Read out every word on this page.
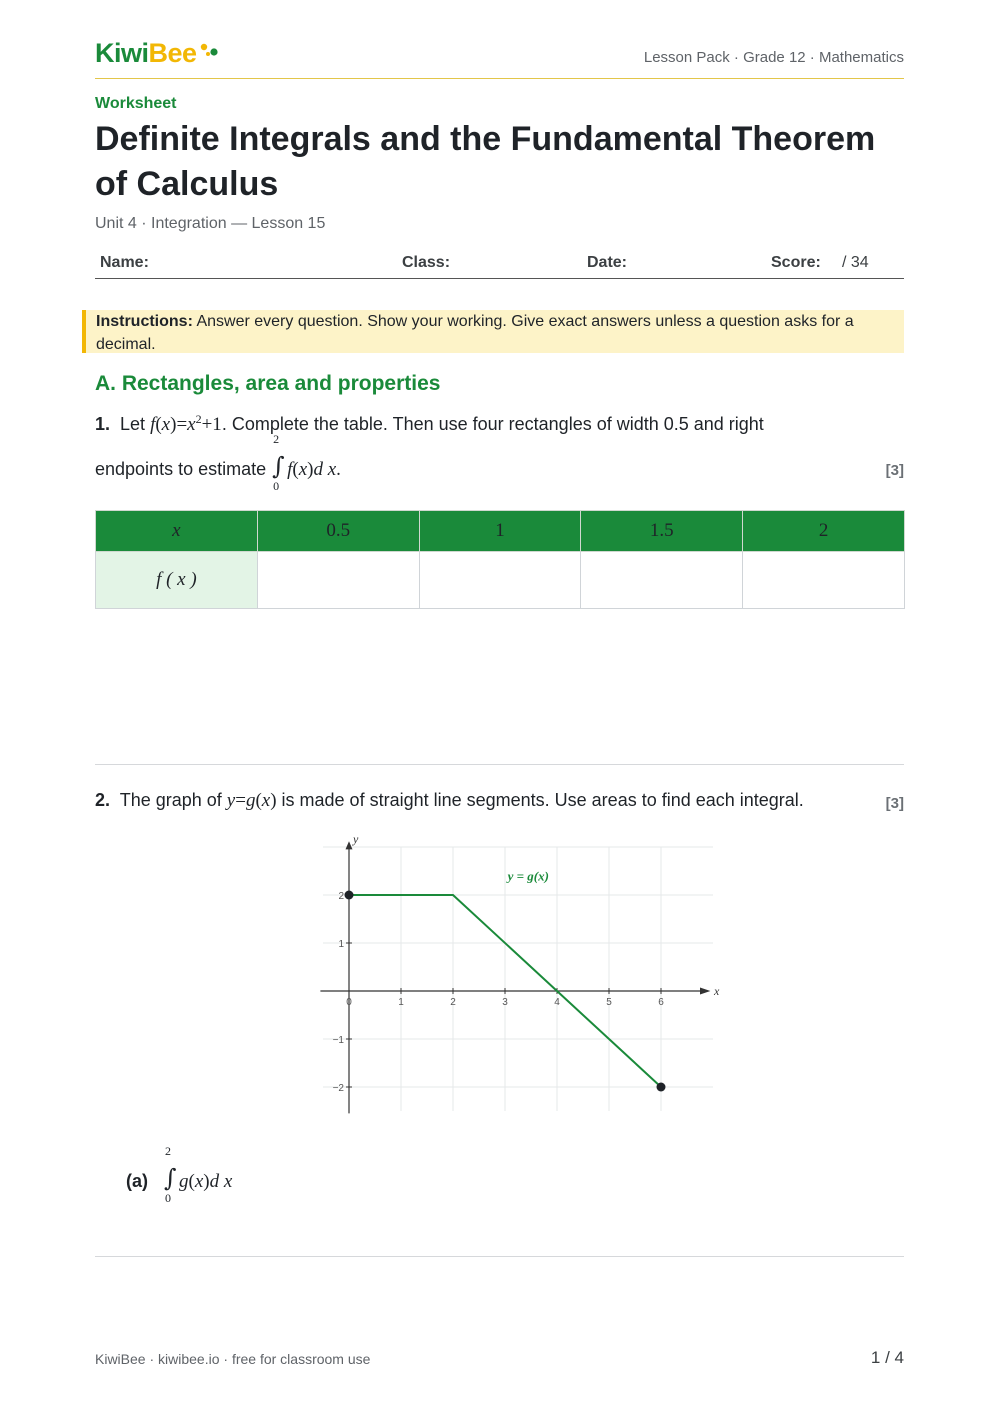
KiwiBee	Lesson Pack · Grade 12 · Mathematics
Worksheet
Definite Integrals and the Fundamental Theorem of Calculus
Unit 4 · Integration — Lesson 15
Name:	Class:	Date:	Score: / 34
Instructions: Answer every question. Show your working. Give exact answers unless a question asks for a decimal.
A. Rectangles, area and properties
1. Let $f(x)=x^2+1$. Complete the table. Then use four rectangles of width 0.5 and right
endpoints to estimate
2
∫
0
f(x)d x.	[3]
x	0.5	1	1.5	2
f ( x )				
2. The graph of y=g(x) is made of straight line segments. Use areas to find each integral.	[3]
x
y
0	1	2	3	4	5	6
−2
−1
1
2
y = g(x)
(a)
2
∫
0
g(x)d x
KiwiBee · kiwibee.io · free for classroom use	1 / 4
